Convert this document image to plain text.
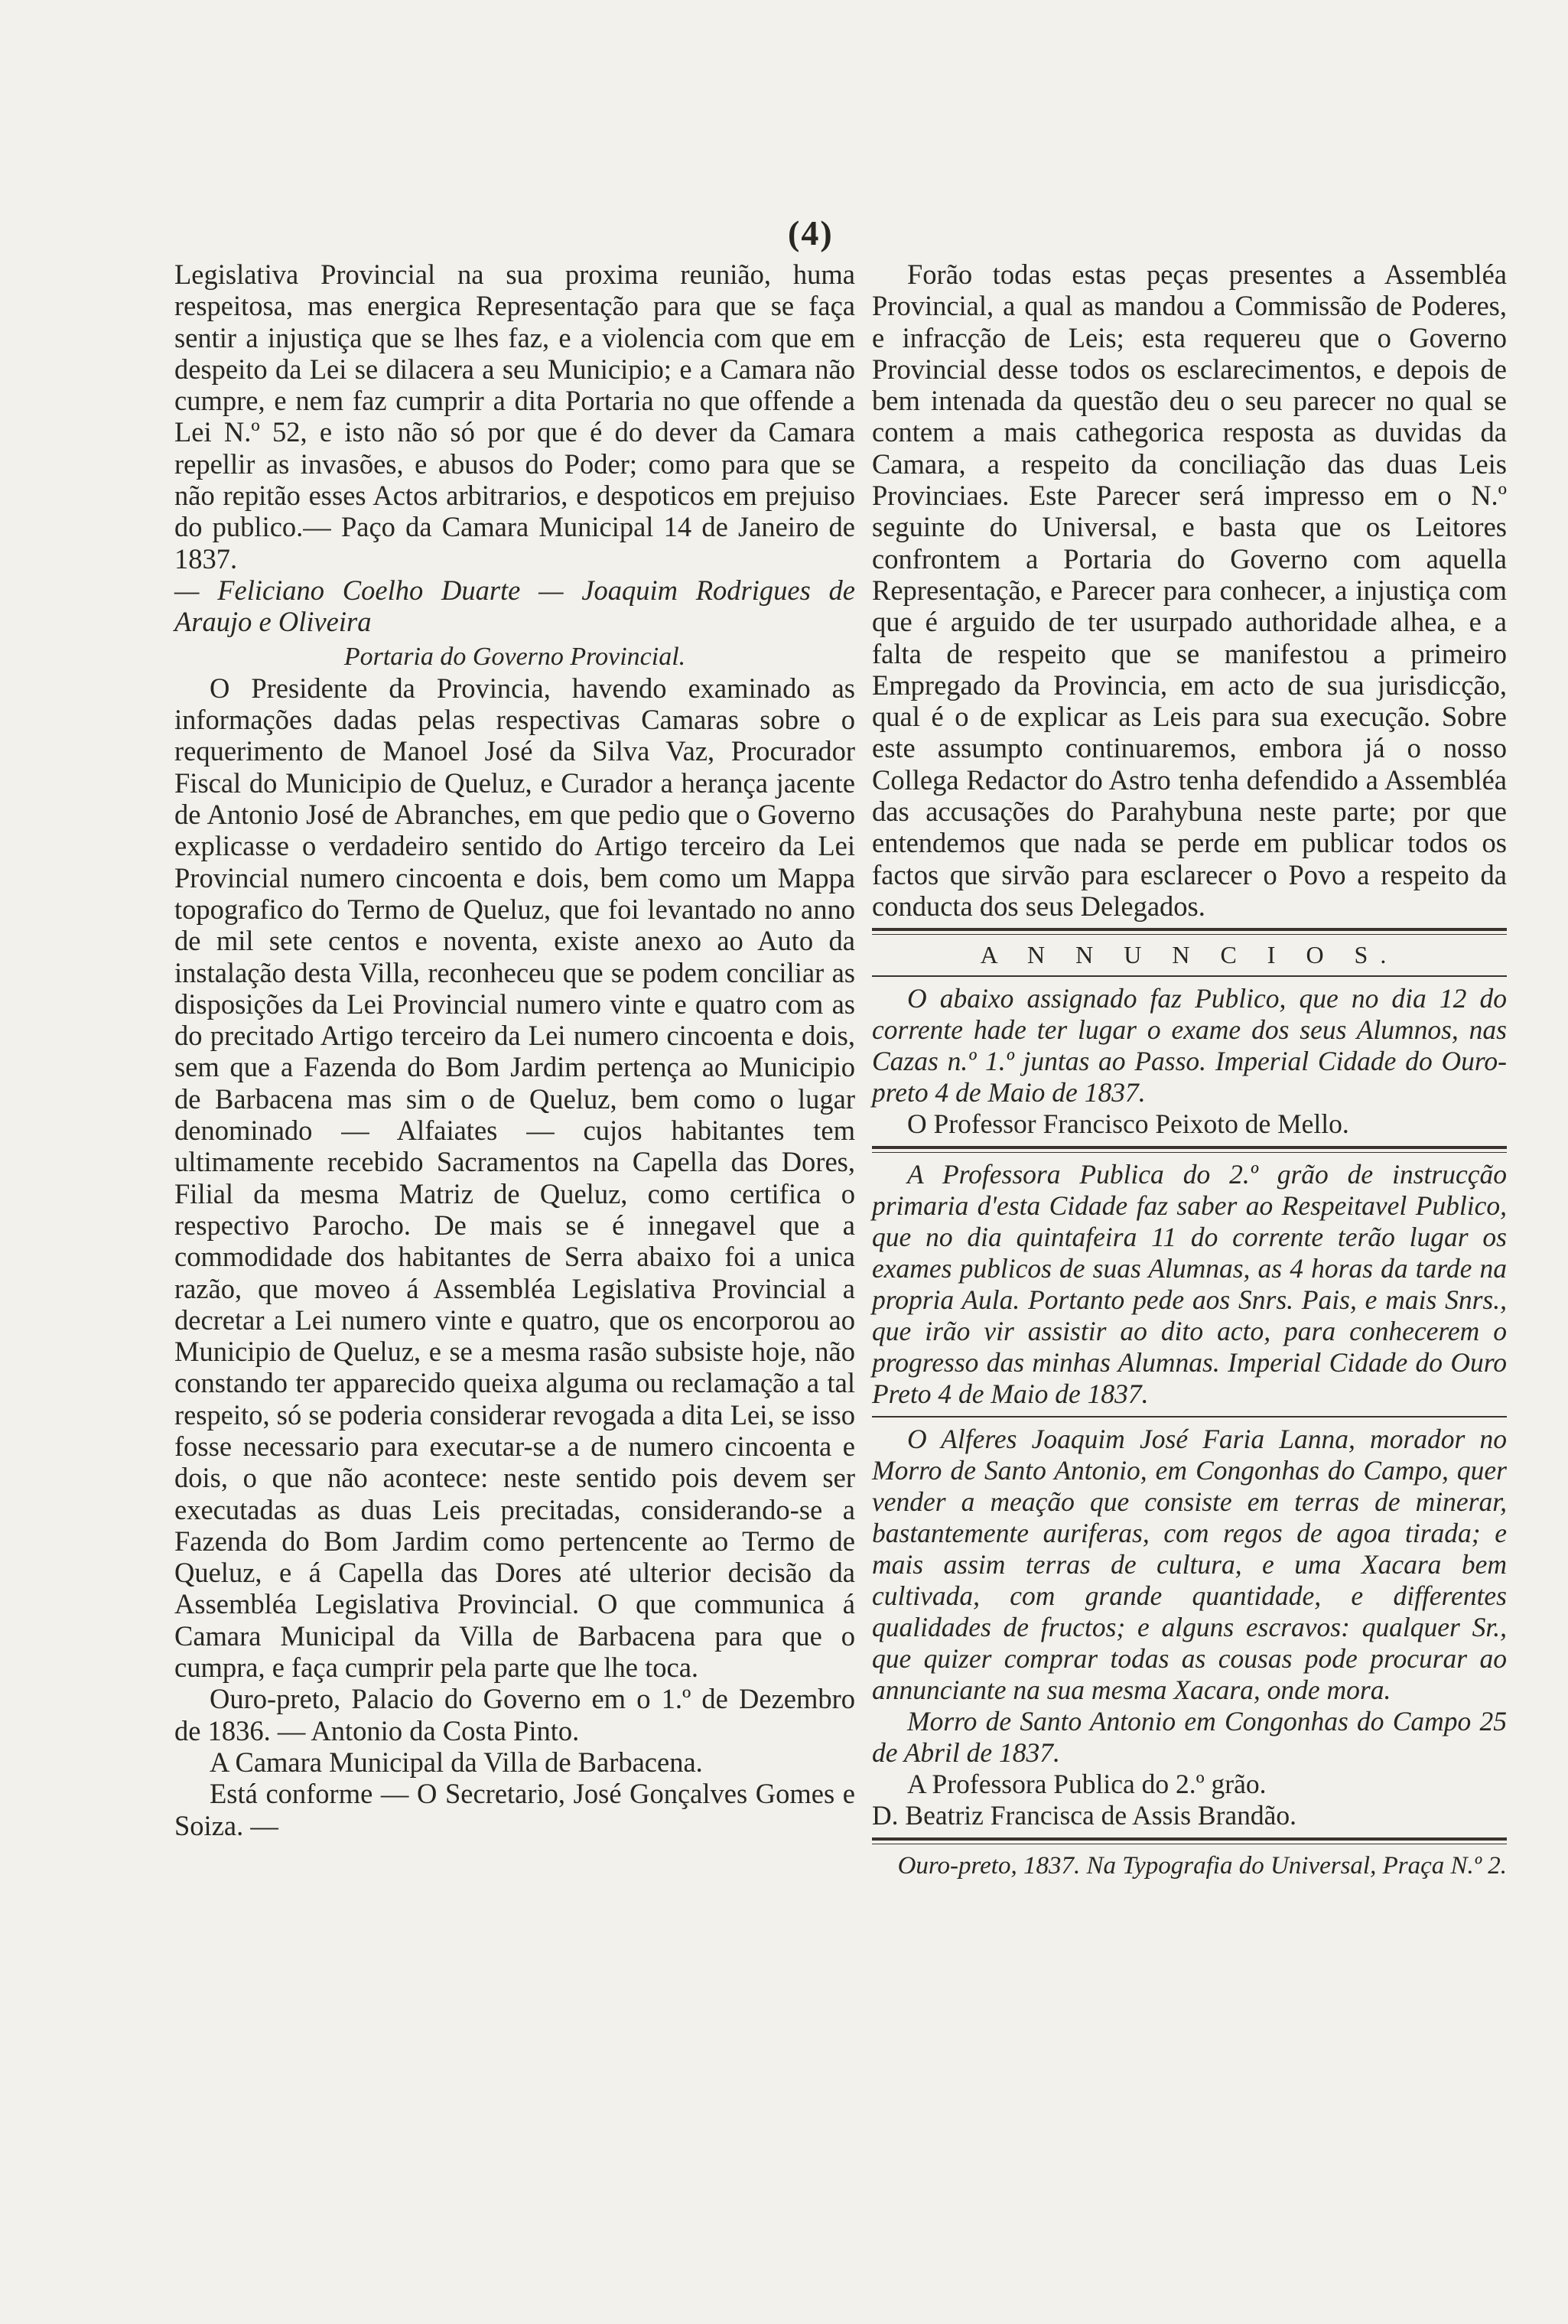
(4)

Legislativa Provincial na sua proxima reunião, huma respeitosa, mas energica Representação para que se faça sentir a injustiça que se lhes faz, e a violencia com que em despeito da Lei se dilacera a seu Municipio; e a Camara não cumpre, e nem faz cumprir a dita Portaria no que offende a Lei N.º 52, e isto não só por que é do dever da Camara repellir as invasões, e abusos do Poder; como para que se não repitão esses Actos arbitrarios, e despoticos em prejuiso do publico.— Paço da Camara Municipal 14 de Janeiro de 1837.

— Feliciano Coelho Duarte — Joaquim Rodrigues de Araujo e Oliveira

Portaria do Governo Provincial.

O Presidente da Provincia, havendo examinado as informações dadas pelas respectivas Camaras sobre o requerimento de Manoel José da Silva Vaz, Procurador Fiscal do Municipio de Queluz, e Curador a herança jacente de Antonio José de Abranches, em que pedio que o Governo explicasse o verdadeiro sentido do Artigo terceiro da Lei Provincial numero cincoenta e dois, bem como um Mappa topografico do Termo de Queluz, que foi levantado no anno de mil sete centos e noventa, existe anexo ao Auto da instalação desta Villa, reconheceu que se podem conciliar as disposições da Lei Provincial numero vinte e quatro com as do precitado Artigo terceiro da Lei numero cincoenta e dois, sem que a Fazenda do Bom Jardim pertença ao Municipio de Barbacena mas sim o de Queluz, bem como o lugar denominado — Alfaiates — cujos habitantes tem ultimamente recebido Sacramentos na Capella das Dores, Filial da mesma Matriz de Queluz, como certifica o respectivo Parocho. De mais se é innegavel que a commodidade dos habitantes de Serra abaixo foi a unica razão, que moveo á Assembléa Legislativa Provincial a decretar a Lei numero vinte e quatro, que os encorporou ao Municipio de Queluz, e se a mesma rasão subsiste hoje, não constando ter apparecido queixa alguma ou reclamação a tal respeito, só se poderia considerar revogada a dita Lei, se isso fosse necessario para executar-se a de numero cincoenta e dois, o que não acontece: neste sentido pois devem ser executadas as duas Leis precitadas, considerando-se a Fazenda do Bom Jardim como pertencente ao Termo de Queluz, e á Capella das Dores até ulterior decisão da Assembléa Legislativa Provincial. O que communica á Camara Municipal da Villa de Barbacena para que o cumpra, e faça cumprir pela parte que lhe toca.

Ouro-preto, Palacio do Governo em o 1.º de Dezembro de 1836. — Antonio da Costa Pinto.

A Camara Municipal da Villa de Barbacena.

Está conforme — O Secretario, José Gonçalves Gomes e Soiza. —

Forão todas estas peças presentes a Assembléa Provincial, a qual as mandou a Commissão de Poderes, e infracção de Leis; esta requereu que o Governo Provincial desse todos os esclarecimentos, e depois de bem intenada da questão deu o seu parecer no qual se contem a mais cathegorica resposta as duvidas da Camara, a respeito da conciliação das duas Leis Provinciaes. Este Parecer será impresso em o N.º seguinte do Universal, e basta que os Leitores confrontem a Portaria do Governo com aquella Representação, e Parecer para conhecer, a injustiça com que é arguido de ter usurpado authoridade alhea, e a falta de respeito que se manifestou a primeiro Empregado da Provincia, em acto de sua jurisdicção, qual é o de explicar as Leis para sua execução. Sobre este assumpto continuaremos, embora já o nosso Collega Redactor do Astro tenha defendido a Assembléa das accusações do Parahybuna neste parte; por que entendemos que nada se perde em publicar todos os factos que sirvão para esclarecer o Povo a respeito da conducta dos seus Delegados.

A N N U N C I O S.

O abaixo assignado faz Publico, que no dia 12 do corrente hade ter lugar o exame dos seus Alumnos, nas Cazas n.º 1.º juntas ao Passo. Imperial Cidade do Ouro-preto 4 de Maio de 1837.

O Professor Francisco Peixoto de Mello.

A Professora Publica do 2.º grão de instrucção primaria d'esta Cidade faz saber ao Respeitavel Publico, que no dia quintafeira 11 do corrente terão lugar os exames publicos de suas Alumnas, as 4 horas da tarde na propria Aula. Portanto pede aos Snrs. Pais, e mais Snrs., que irão vir assistir ao dito acto, para conhecerem o progresso das minhas Alumnas. Imperial Cidade do Ouro Preto 4 de Maio de 1837.

O Alferes Joaquim José Faria Lanna, morador no Morro de Santo Antonio, em Congonhas do Campo, quer vender a meação que consiste em terras de minerar, bastantemente auriferas, com regos de agoa tirada; e mais assim terras de cultura, e uma Xacara bem cultivada, com grande quantidade, e differentes qualidades de fructos; e alguns escravos: qualquer Sr., que quizer comprar todas as cousas pode procurar ao annunciante na sua mesma Xacara, onde mora.

Morro de Santo Antonio em Congonhas do Campo 25 de Abril de 1837.

A Professora Publica do 2.º grão.

D. Beatriz Francisca de Assis Brandão.

Ouro-preto, 1837. Na Typografia do Universal, Praça N.º 2.
